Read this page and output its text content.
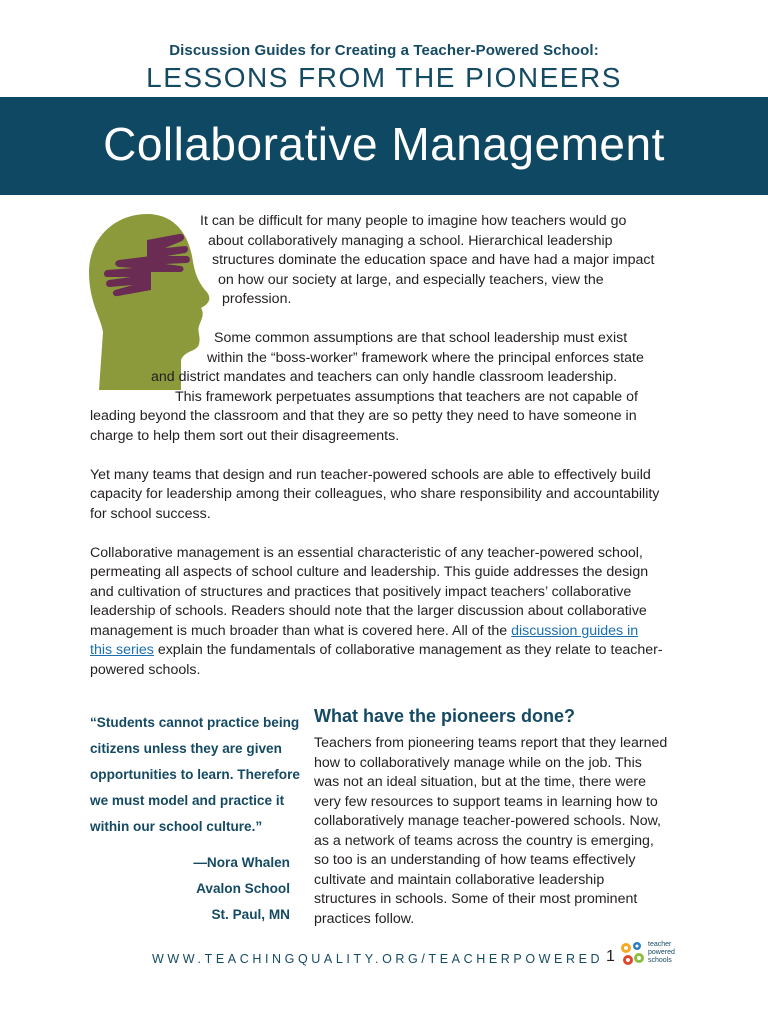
Discussion Guides for Creating a Teacher-Powered School:
LESSONS FROM THE PIONEERS
Collaborative Management

It can be difficult for many people to imagine how teachers would go
about collaboratively managing a school. Hierarchical leadership
structures dominate the education space and have had a major impact
on how our society at large, and especially teachers, view the
profession.

Some common assumptions are that school leadership must exist
within the “boss-worker” framework where the principal enforces state
and district mandates and teachers can only handle classroom leadership.
This framework perpetuates assumptions that teachers are not capable of
leading beyond the classroom and that they are so petty they need to have someone in
charge to help them sort out their disagreements.

Yet many teams that design and run teacher-powered schools are able to effectively build
capacity for leadership among their colleagues, who share responsibility and accountability
for school success.

Collaborative management is an essential characteristic of any teacher-powered school,
permeating all aspects of school culture and leadership. This guide addresses the design
and cultivation of structures and practices that positively impact teachers’ collaborative
leadership of schools. Readers should note that the larger discussion about collaborative
management is much broader than what is covered here. All of the discussion guides in
this series explain the fundamentals of collaborative management as they relate to teacher-
powered schools.

“Students cannot practice being
citizens unless they are given
opportunities to learn. Therefore
we must model and practice it
within our school culture.”
—Nora Whalen
Avalon School
St. Paul, MN
What have the pioneers done?
Teachers from pioneering teams report that they learned
how to collaboratively manage while on the job. This
was not an ideal situation, but at the time, there were
very few resources to support teams in learning how to
collaboratively manage teacher-powered schools. Now,
as a network of teams across the country is emerging,
so too is an understanding of how teams effectively
cultivate and maintain collaborative leadership
structures in schools. Some of their most prominent
practices follow.
WWW.TEACHINGQUALITY.ORG/TEACHERPOWERED 1
teacher
powered
schools
